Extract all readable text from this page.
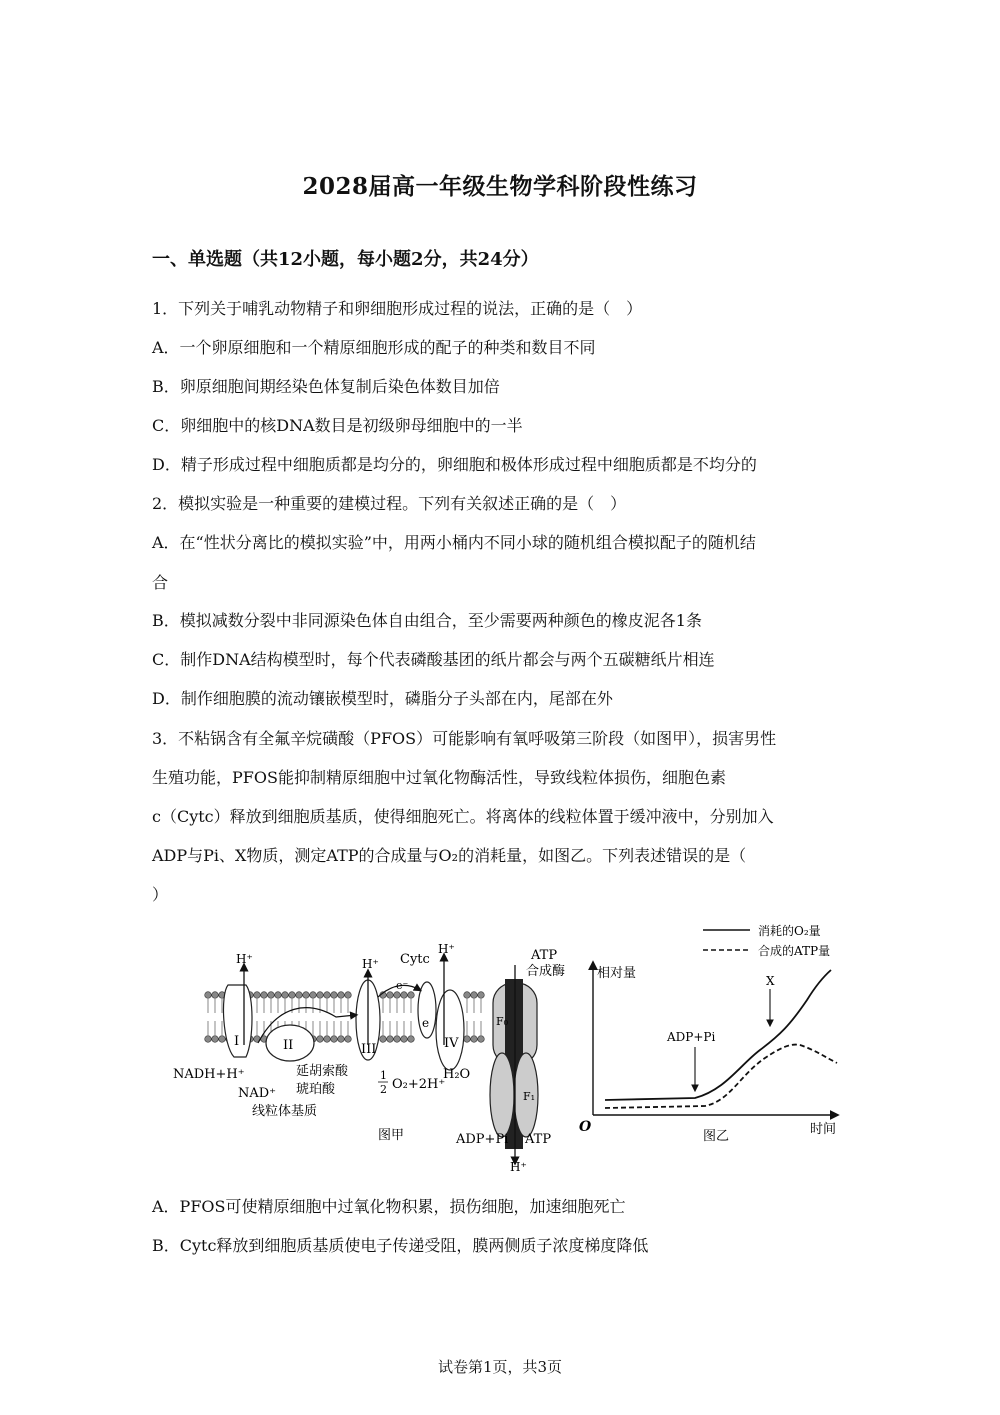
2028届高一年级生物学科阶段性练习
一、单选题（共12小题，每小题2分，共24分）
1．下列关于哺乳动物精子和卵细胞形成过程的说法，正确的是（　）
A．一个卵原细胞和一个精原细胞形成的配子的种类和数目不同
B．卵原细胞间期经染色体复制后染色体数目加倍
C．卵细胞中的核DNA数目是初级卵母细胞中的一半
D．精子形成过程中细胞质都是均分的，卵细胞和极体形成过程中细胞质都是不均分的
2．模拟实验是一种重要的建模过程。下列有关叙述正确的是（　）
A．在“性状分离比的模拟实验”中，用两小桶内不同小球的随机组合模拟配子的随机结
合
B．模拟减数分裂中非同源染色体自由组合，至少需要两种颜色的橡皮泥各1条
C．制作DNA结构模型时，每个代表磷酸基团的纸片都会与两个五碳糖纸片相连
D．制作细胞膜的流动镶嵌模型时，磷脂分子头部在内，尾部在外
3．不粘锅含有全氟辛烷磺酸（PFOS）可能影响有氧呼吸第三阶段（如图甲），损害男性
生殖功能，PFOS能抑制精原细胞中过氧化物酶活性，导致线粒体损伤，细胞色素
c（Cytc）释放到细胞质基质，使得细胞死亡。将离体的线粒体置于缓冲液中，分别加入
ADP与Pi、X物质，测定ATP的合成量与O₂的消耗量，如图乙。下列表述错误的是（
）
I	II	III	IV
e	F₀
F₁
H⁺	H⁺
H⁺
H⁺
Cytc
e⁻
ATP
合成酶
NADH+H⁺
NAD⁺
延胡索酸
琥珀酸
线粒体基质
1
2 O₂+2H⁺
H₂O
ADP+Pi ATP
图甲
消耗的O₂量
合成的ATP量
相对量
时间
O
图乙
ADP+Pi
X
A．PFOS可使精原细胞中过氧化物积累，损伤细胞，加速细胞死亡
B．Cytc释放到细胞质基质使电子传递受阻，膜两侧质子浓度梯度降低
试卷第1页，共3页
